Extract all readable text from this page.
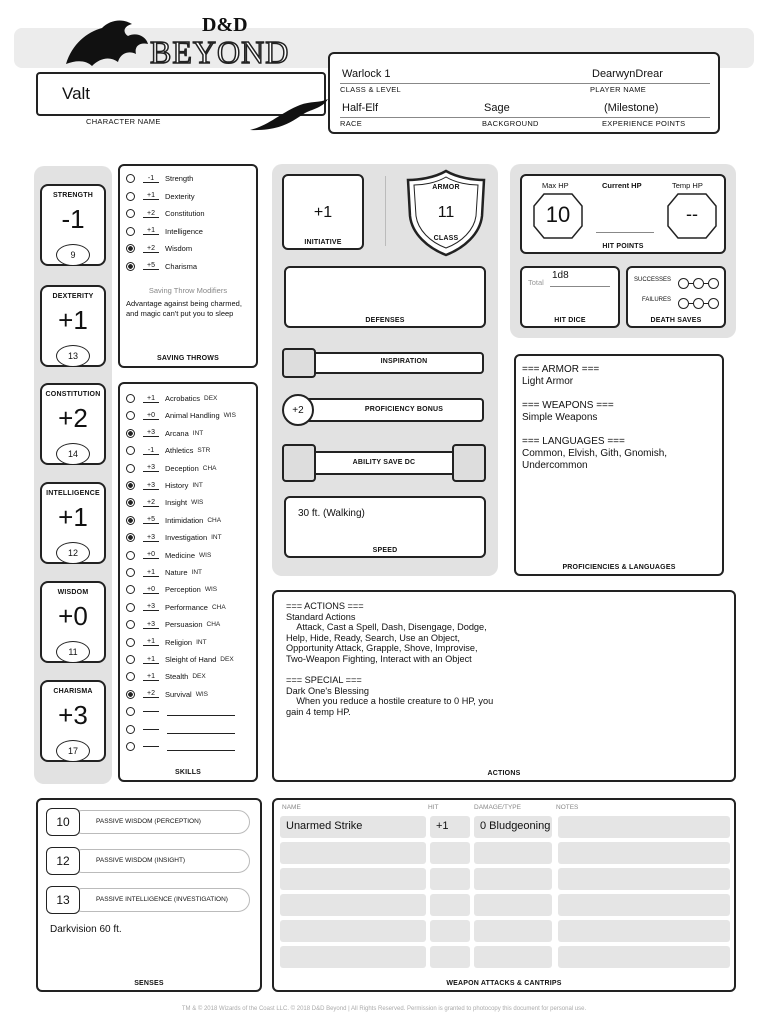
D&D
BEYOND
Valt
CHARACTER NAME
Warlock 1	DearwynDrear
CLASS & LEVEL	PLAYER NAME
Half-Elf	Sage	(Milestone)
RACE	BACKGROUND	EXPERIENCE POINTS
STRENGTH
-1
9
DEXTERITY
+1
13
CONSTITUTION
+2
14
INTELLIGENCE
+1
12
WISDOM
+0
11
CHARISMA
+3
17
-1	Strength
+1	Dexterity
+2	Constitution
+1	Intelligence
+2	Wisdom
+5	Charisma
Saving Throw Modifiers
Advantage against being charmed, and magic can't put you to sleep
SAVING THROWS
+1	Acrobatics DEX
+0	Animal Handling WIS
+3	Arcana INT
-1	Athletics STR
+3	Deception CHA
+3	History INT
+2	Insight WIS
+5	Intimidation CHA
+3	Investigation INT
+0	Medicine WIS
+1	Nature INT
+0	Perception WIS
+3	Performance CHA
+3	Persuasion CHA
+1	Religion INT
+1	Sleight of Hand DEX
+1	Stealth DEX
+2	Survival WIS
SKILLS
+1
INITIATIVE
ARMOR
11
CLASS
DEFENSES
INSPIRATION
+2	PROFICIENCY BONUS
ABILITY SAVE DC
30 ft. (Walking)
SPEED
Max HP
10
Current HP	Temp HP
--
HIT POINTS
Total
1d8
HIT DICE
SUCCESSES
FAILURES
DEATH SAVES
=== ARMOR ===
Light Armor

=== WEAPONS ===
Simple Weapons

=== LANGUAGES ===
Common, Elvish, Gith, Gnomish,
Undercommon
PROFICIENCIES & LANGUAGES
=== ACTIONS ===
Standard Actions
Attack, Cast a Spell, Dash, Disengage, Dodge,
Help, Hide, Ready, Search, Use an Object,
Opportunity Attack, Grapple, Shove, Improvise,
Two-Weapon Fighting, Interact with an Object

=== SPECIAL ===
Dark One's Blessing
When you reduce a hostile creature to 0 HP, you
gain 4 temp HP.
ACTIONS
Darkvision 60 ft.
SENSES
10	PASSIVE WISDOM (PERCEPTION)
12	PASSIVE WISDOM (INSIGHT)
13	PASSIVE INTELLIGENCE (INVESTIGATION)
NAME	HIT	DAMAGE/TYPE	NOTES
WEAPON ATTACKS & CANTRIPS
Unarmed Strike	+1	0 Bludgeoning
TM & © 2018 Wizards of the Coast LLC. © 2018 D&D Beyond | All Rights Reserved. Permission is granted to photocopy this document for personal use.
